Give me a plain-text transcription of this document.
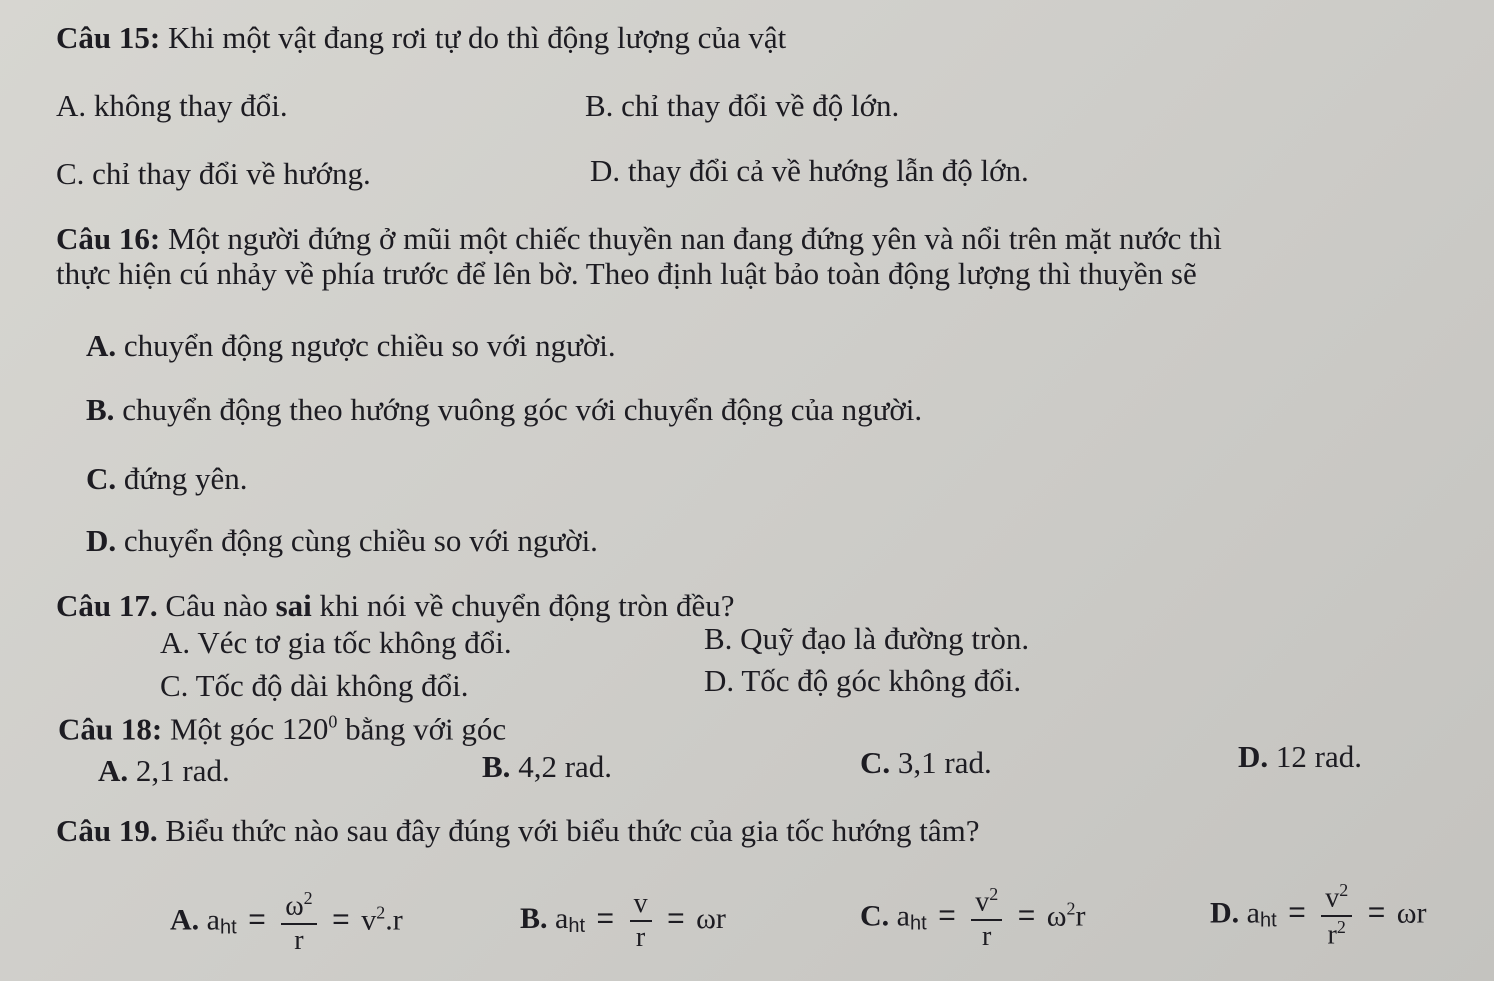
Câu 15: Khi một vật đang rơi tự do thì động lượng của vật
A. không thay đổi.	B. chỉ thay đổi về độ lớn.
C. chỉ thay đổi về hướng.	D. thay đổi cả về hướng lẫn độ lớn.
Câu 16: Một người đứng ở mũi một chiếc thuyền nan đang đứng yên và nổi trên mặt nước thì
thực hiện cú nhảy về phía trước để lên bờ. Theo định luật bảo toàn động lượng thì thuyền sẽ
A. chuyển động ngược chiều so với người.
B. chuyển động theo hướng vuông góc với chuyển động của người.
C. đứng yên.
D. chuyển động cùng chiều so với người.
Câu 17. Câu nào sai khi nói về chuyển động tròn đều?
A. Véc tơ gia tốc không đổi.	B. Quỹ đạo là đường tròn.
C. Tốc độ dài không đổi.	D. Tốc độ góc không đổi.
Câu 18: Một góc $120^0$ bằng với góc
A. 2,1 rad.	B. 4,2 rad.	C. 3,1 rad.	D. 12 rad.
Câu 19. Biểu thức nào sau đây đúng với biểu thức của gia tốc hướng tâm?
A. $a_{ht} = \frac{\omega^2}{r} = v^2.r$	B. $a_{ht} = \frac{v}{r} = \omega r$	C. $a_{ht} = \frac{v^2}{r} = \omega^2r$	D. $a_{ht} = \frac{v^2}{r^2} = \omega r$
